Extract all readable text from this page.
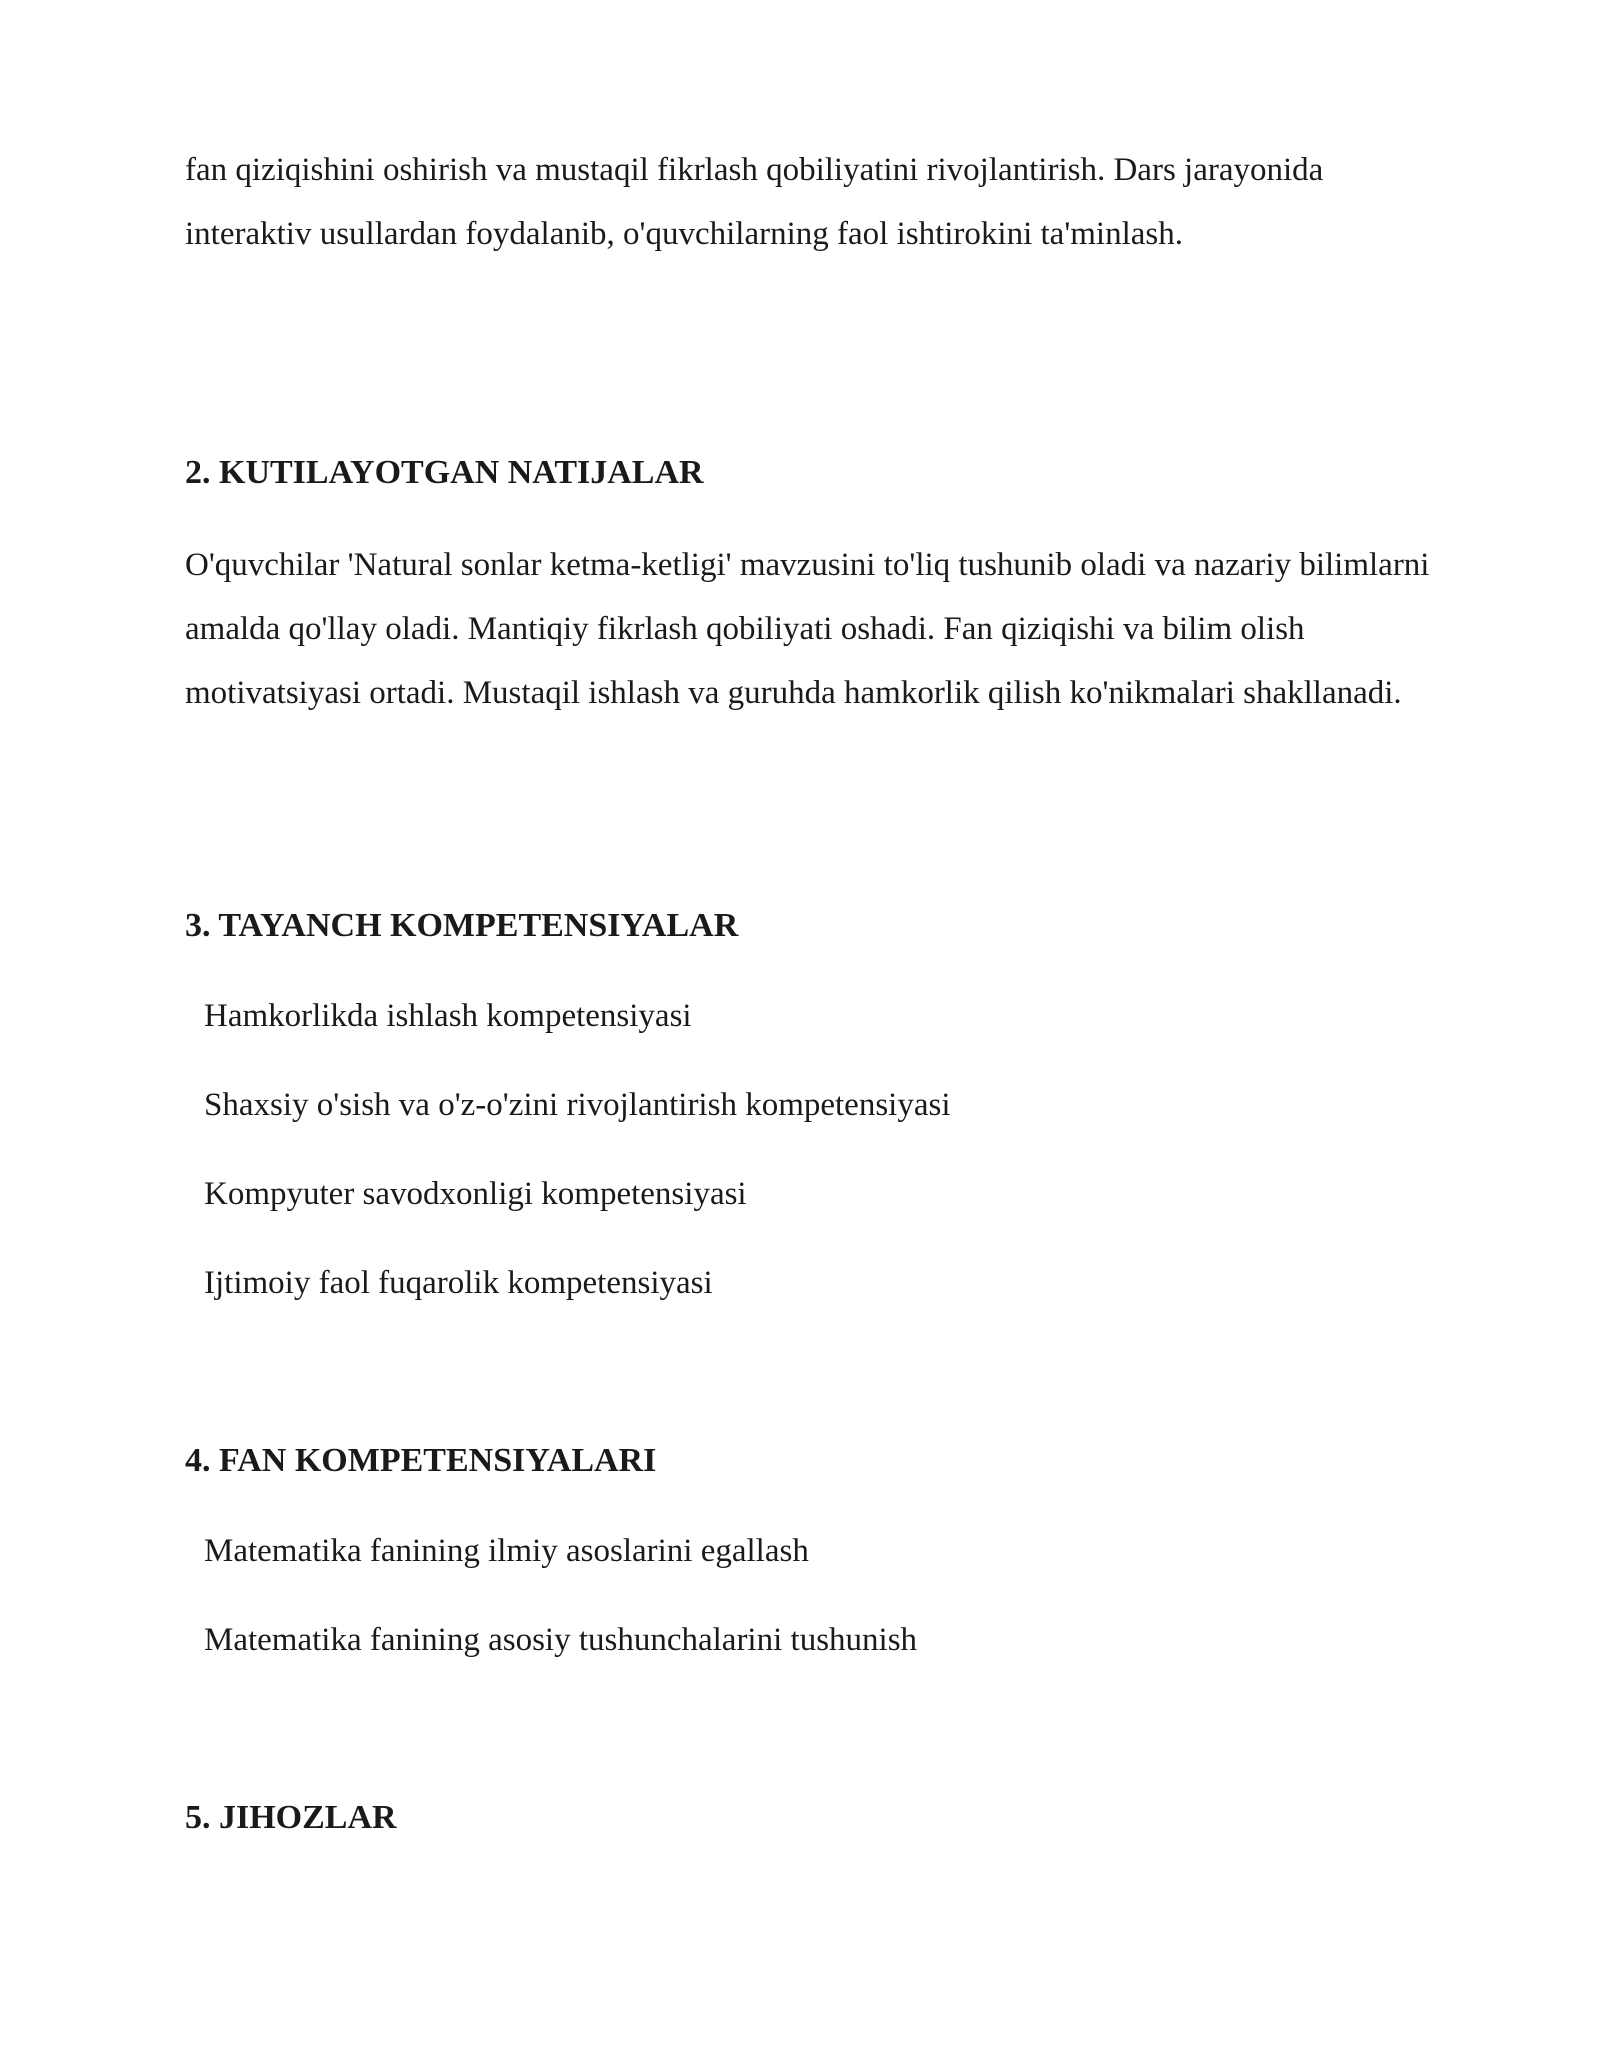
fan qiziqishini oshirish va mustaqil fikrlash qobiliyatini rivojlantirish. Dars jarayonida interaktiv usullardan foydalanib, o'quvchilarning faol ishtirokini ta'minlash.

2. KUTILAYOTGAN NATIJALAR

O'quvchilar 'Natural sonlar ketma-ketligi' mavzusini to'liq tushunib oladi va nazariy bilimlarni amalda qo'llay oladi. Mantiqiy fikrlash qobiliyati oshadi. Fan qiziqishi va bilim olish motivatsiyasi ortadi. Mustaqil ishlash va guruhda hamkorlik qilish ko'nikmalari shakllanadi.

3. TAYANCH KOMPETENSIYALAR

Hamkorlikda ishlash kompetensiyasi

Shaxsiy o'sish va o'z-o'zini rivojlantirish kompetensiyasi

Kompyuter savodxonligi kompetensiyasi

Ijtimoiy faol fuqarolik kompetensiyasi

4. FAN KOMPETENSIYALARI

Matematika fanining ilmiy asoslarini egallash

Matematika fanining asosiy tushunchalarini tushunish

5. JIHOZLAR
